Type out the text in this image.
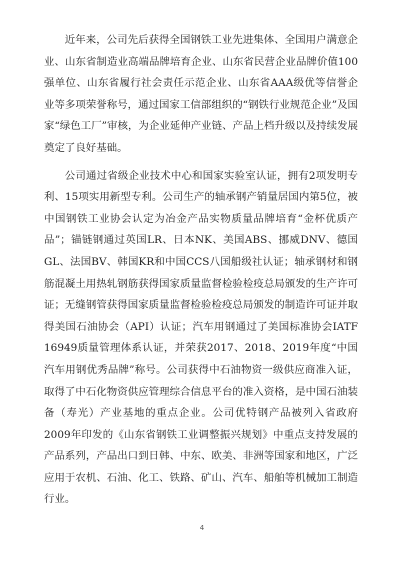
近年来，公司先后获得全国钢铁工业先进集体、全国用户满意企业、山东省制造业高端品牌培育企业、山东省民营企业品牌价值100强单位、山东省履行社会责任示范企业、山东省AAA级优等信誉企业等多项荣誉称号，通过国家工信部组织的“钢铁行业规范企业”及国家“绿色工厂”审核，为企业延伸产业链、产品上档升级以及持续发展奠定了良好基础。

公司通过省级企业技术中心和国家实验室认证，拥有2项发明专利、15项实用新型专利。公司生产的轴承钢产销量居国内第5位，被中国钢铁工业协会认定为冶金产品实物质量品牌培育“金杯优质产品”；锚链钢通过英国LR、日本NK、美国ABS、挪威DNV、德国GL、法国BV、韩国KR和中国CCS八国船级社认证；轴承钢材和钢筋混凝土用热轧钢筋获得国家质量监督检验检疫总局颁发的生产许可证；无缝钢管获得国家质量监督检验检疫总局颁发的制造许可证并取得美国石油协会（API）认证；汽车用钢通过了美国标准协会IATF 16949质量管理体系认证，并荣获2017、2018、2019年度“中国汽车用钢优秀品牌”称号。公司获得中石油物资一级供应商准入证，取得了中石化物资供应管理综合信息平台的准入资格，是中国石油装备（寿光）产业基地的重点企业。公司优特钢产品被列入省政府2009年印发的《山东省钢铁工业调整振兴规划》中重点支持发展的产品系列，产品出口到日韩、中东、欧美、非洲等国家和地区，广泛应用于农机、石油、化工、铁路、矿山、汽车、船舶等机械加工制造行业。

4
